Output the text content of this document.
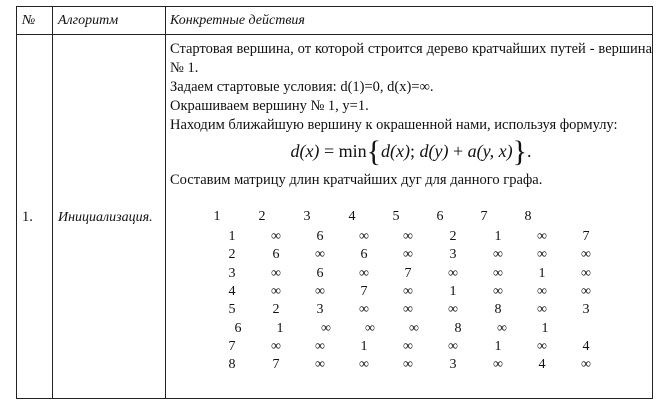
№ Алгоритм	Конкретные действия
1. Инициализация.

Стартовая вершина, от которой строится дерево кратчайших путей - вершина № 1.

Задаем стартовые условия: d(1)=0, d(x)=∞.

Окрашиваем вершину № 1, y=1.

Находим ближайшую вершину к окрашенной нами, используя формулу:

d(x) = min{d(x); d(y) + a(y, x)}.

Составим матрицу длин кратчайших дуг для данного графа.

1	2	3	4	5	6	7	8
1	∞	6	∞	∞	2	1	∞	7
2	6	∞	6	∞	3	∞	∞	∞
3	∞	6	∞	7	∞	∞	1	∞
4	∞	∞	7	∞	1	∞	∞	∞
5	2	3	∞	∞	∞	8	∞	3
6	1	∞	∞	∞	8	∞	1
7	∞	∞	1	∞	∞	1	∞	4
8	7	∞	∞	∞	3	∞	4	∞
